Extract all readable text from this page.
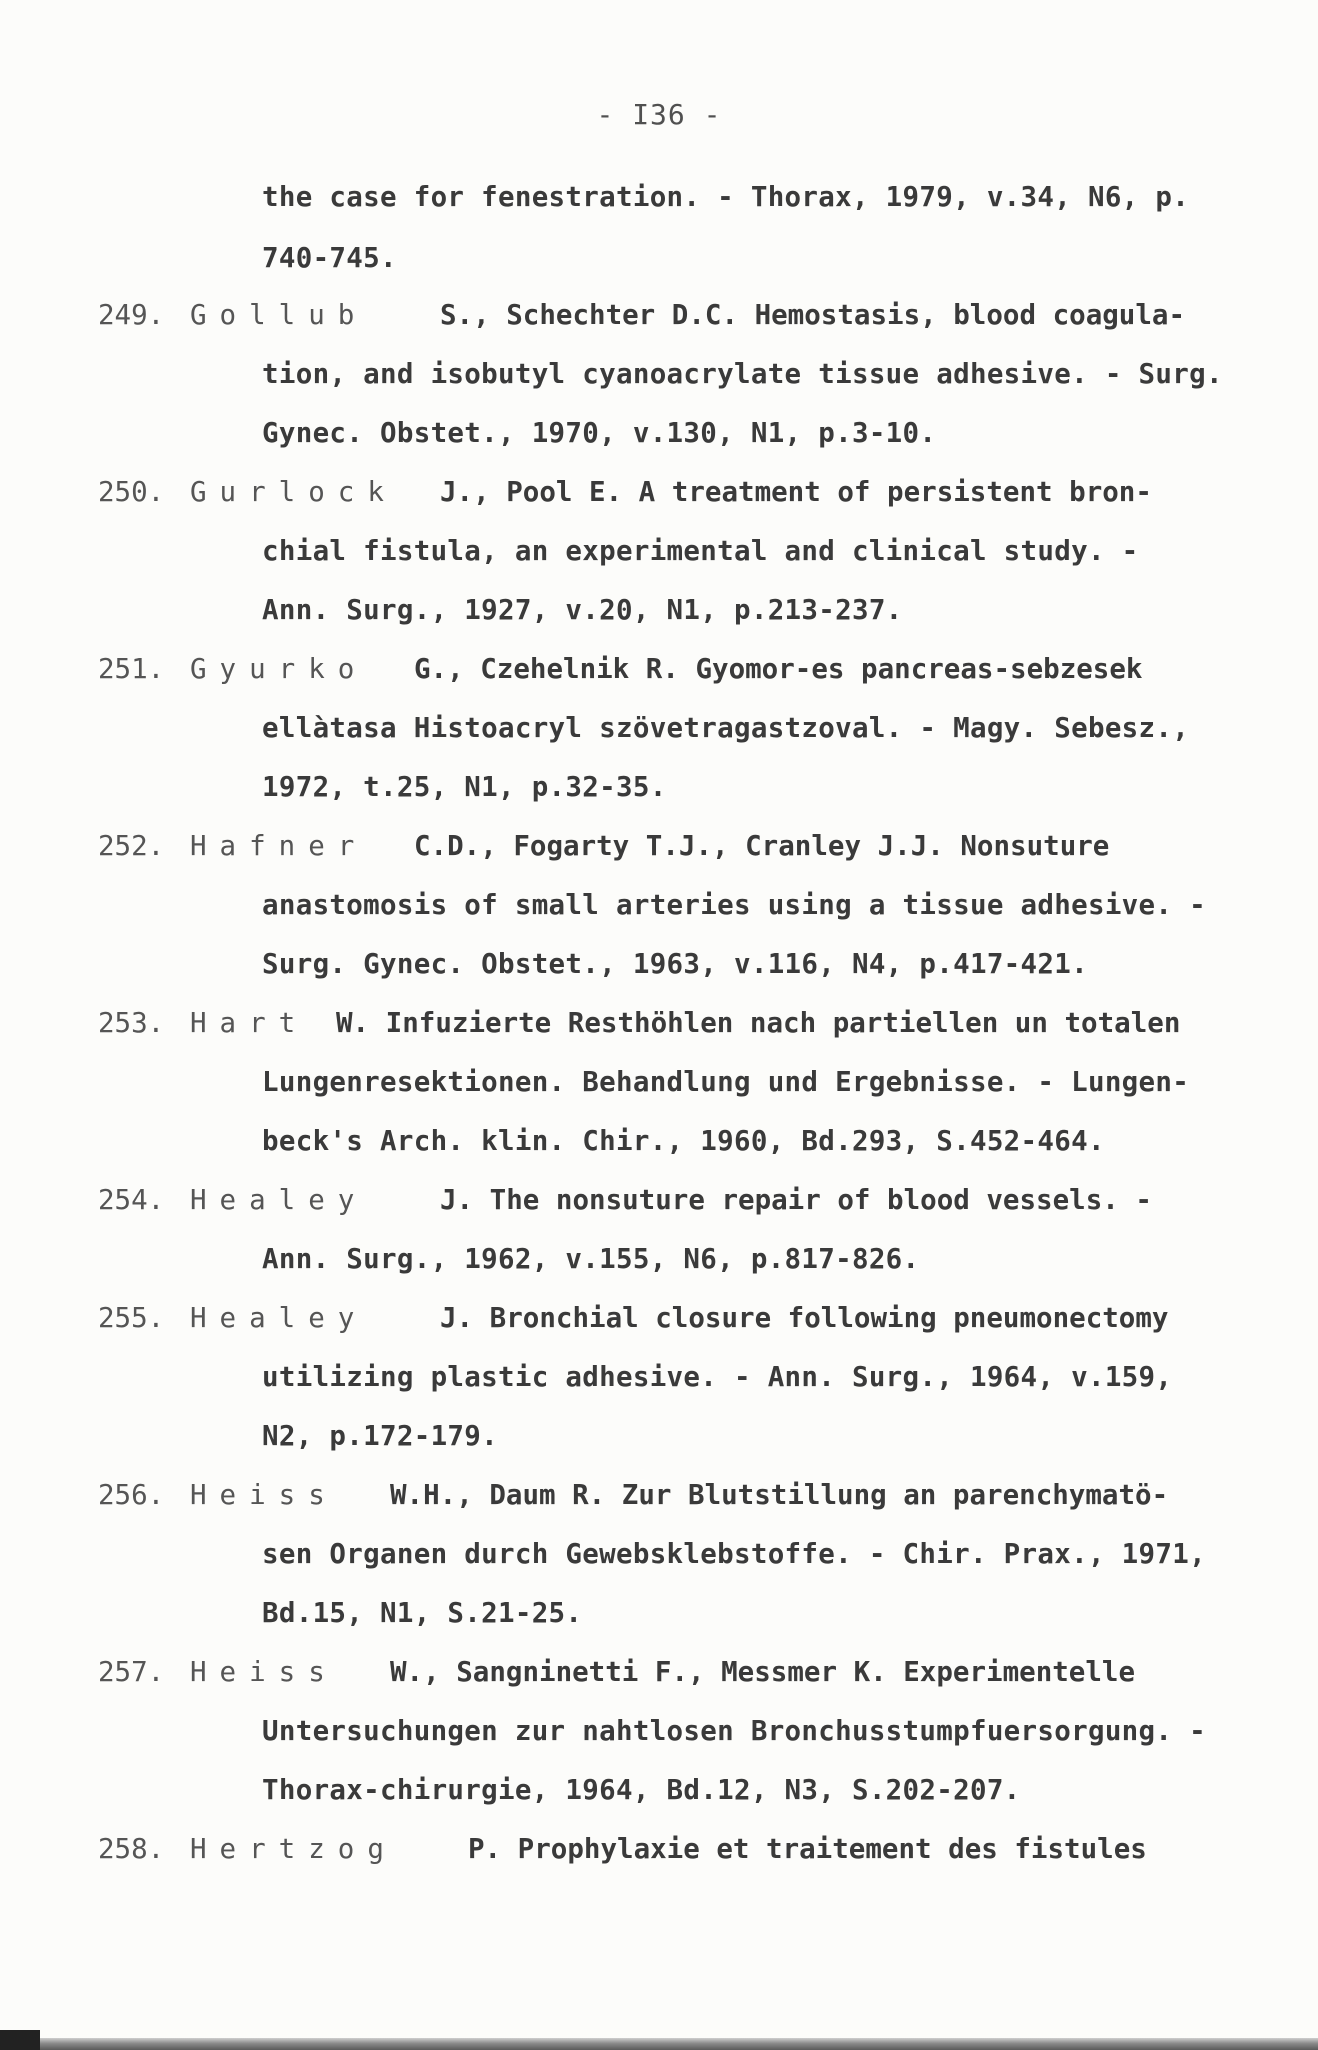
- I36 -
the case for fenestration. - Thorax, 1979, v.34, N6, p.
740-745.
249. Gollub	S., Schechter D.C. Hemostasis, blood coagula-
tion, and isobutyl cyanoacrylate tissue adhesive. - Surg.
Gynec. Obstet., 1970, v.130, N1, p.3-10.
250. Gurlock J., Pool E. A treatment of persistent bron-
chial fistula, an experimental and clinical study. -
Ann. Surg., 1927, v.20, N1, p.213-237.
251. Gyurko G., Czehelnik R. Gyomor-es pancreas-sebzesek
ellàtasa Histoacryl szövetragastzoval. - Magy. Sebesz.,
1972, t.25, N1, p.32-35.
252. Hafner C.D., Fogarty T.J., Cranley J.J. Nonsuture
anastomosis of small arteries using a tissue adhesive. -
Surg. Gynec. Obstet., 1963, v.116, N4, p.417-421.
253. Hart W. Infuzierte Resthöhlen nach partiellen un totalen
Lungenresektionen. Behandlung und Ergebnisse. - Lungen-
beck's Arch. klin. Chir., 1960, Bd.293, S.452-464.
254. Healey	J. The nonsuture repair of blood vessels. -
Ann. Surg., 1962, v.155, N6, p.817-826.
255. Healey	J. Bronchial closure following pneumonectomy
utilizing plastic adhesive. - Ann. Surg., 1964, v.159,
N2, p.172-179.
256. Heiss W.H., Daum R. Zur Blutstillung an parenchymatö-
sen Organen durch Gewebsklebstoffe. - Chir. Prax., 1971,
Bd.15, N1, S.21-25.
257. Heiss W., Sangninetti F., Messmer K. Experimentelle
Untersuchungen zur nahtlosen Bronchusstumpfuersorgung. -
Thorax-chirurgie, 1964, Bd.12, N3, S.202-207.
258. Hertzog	P. Prophylaxie et traitement des fistules
